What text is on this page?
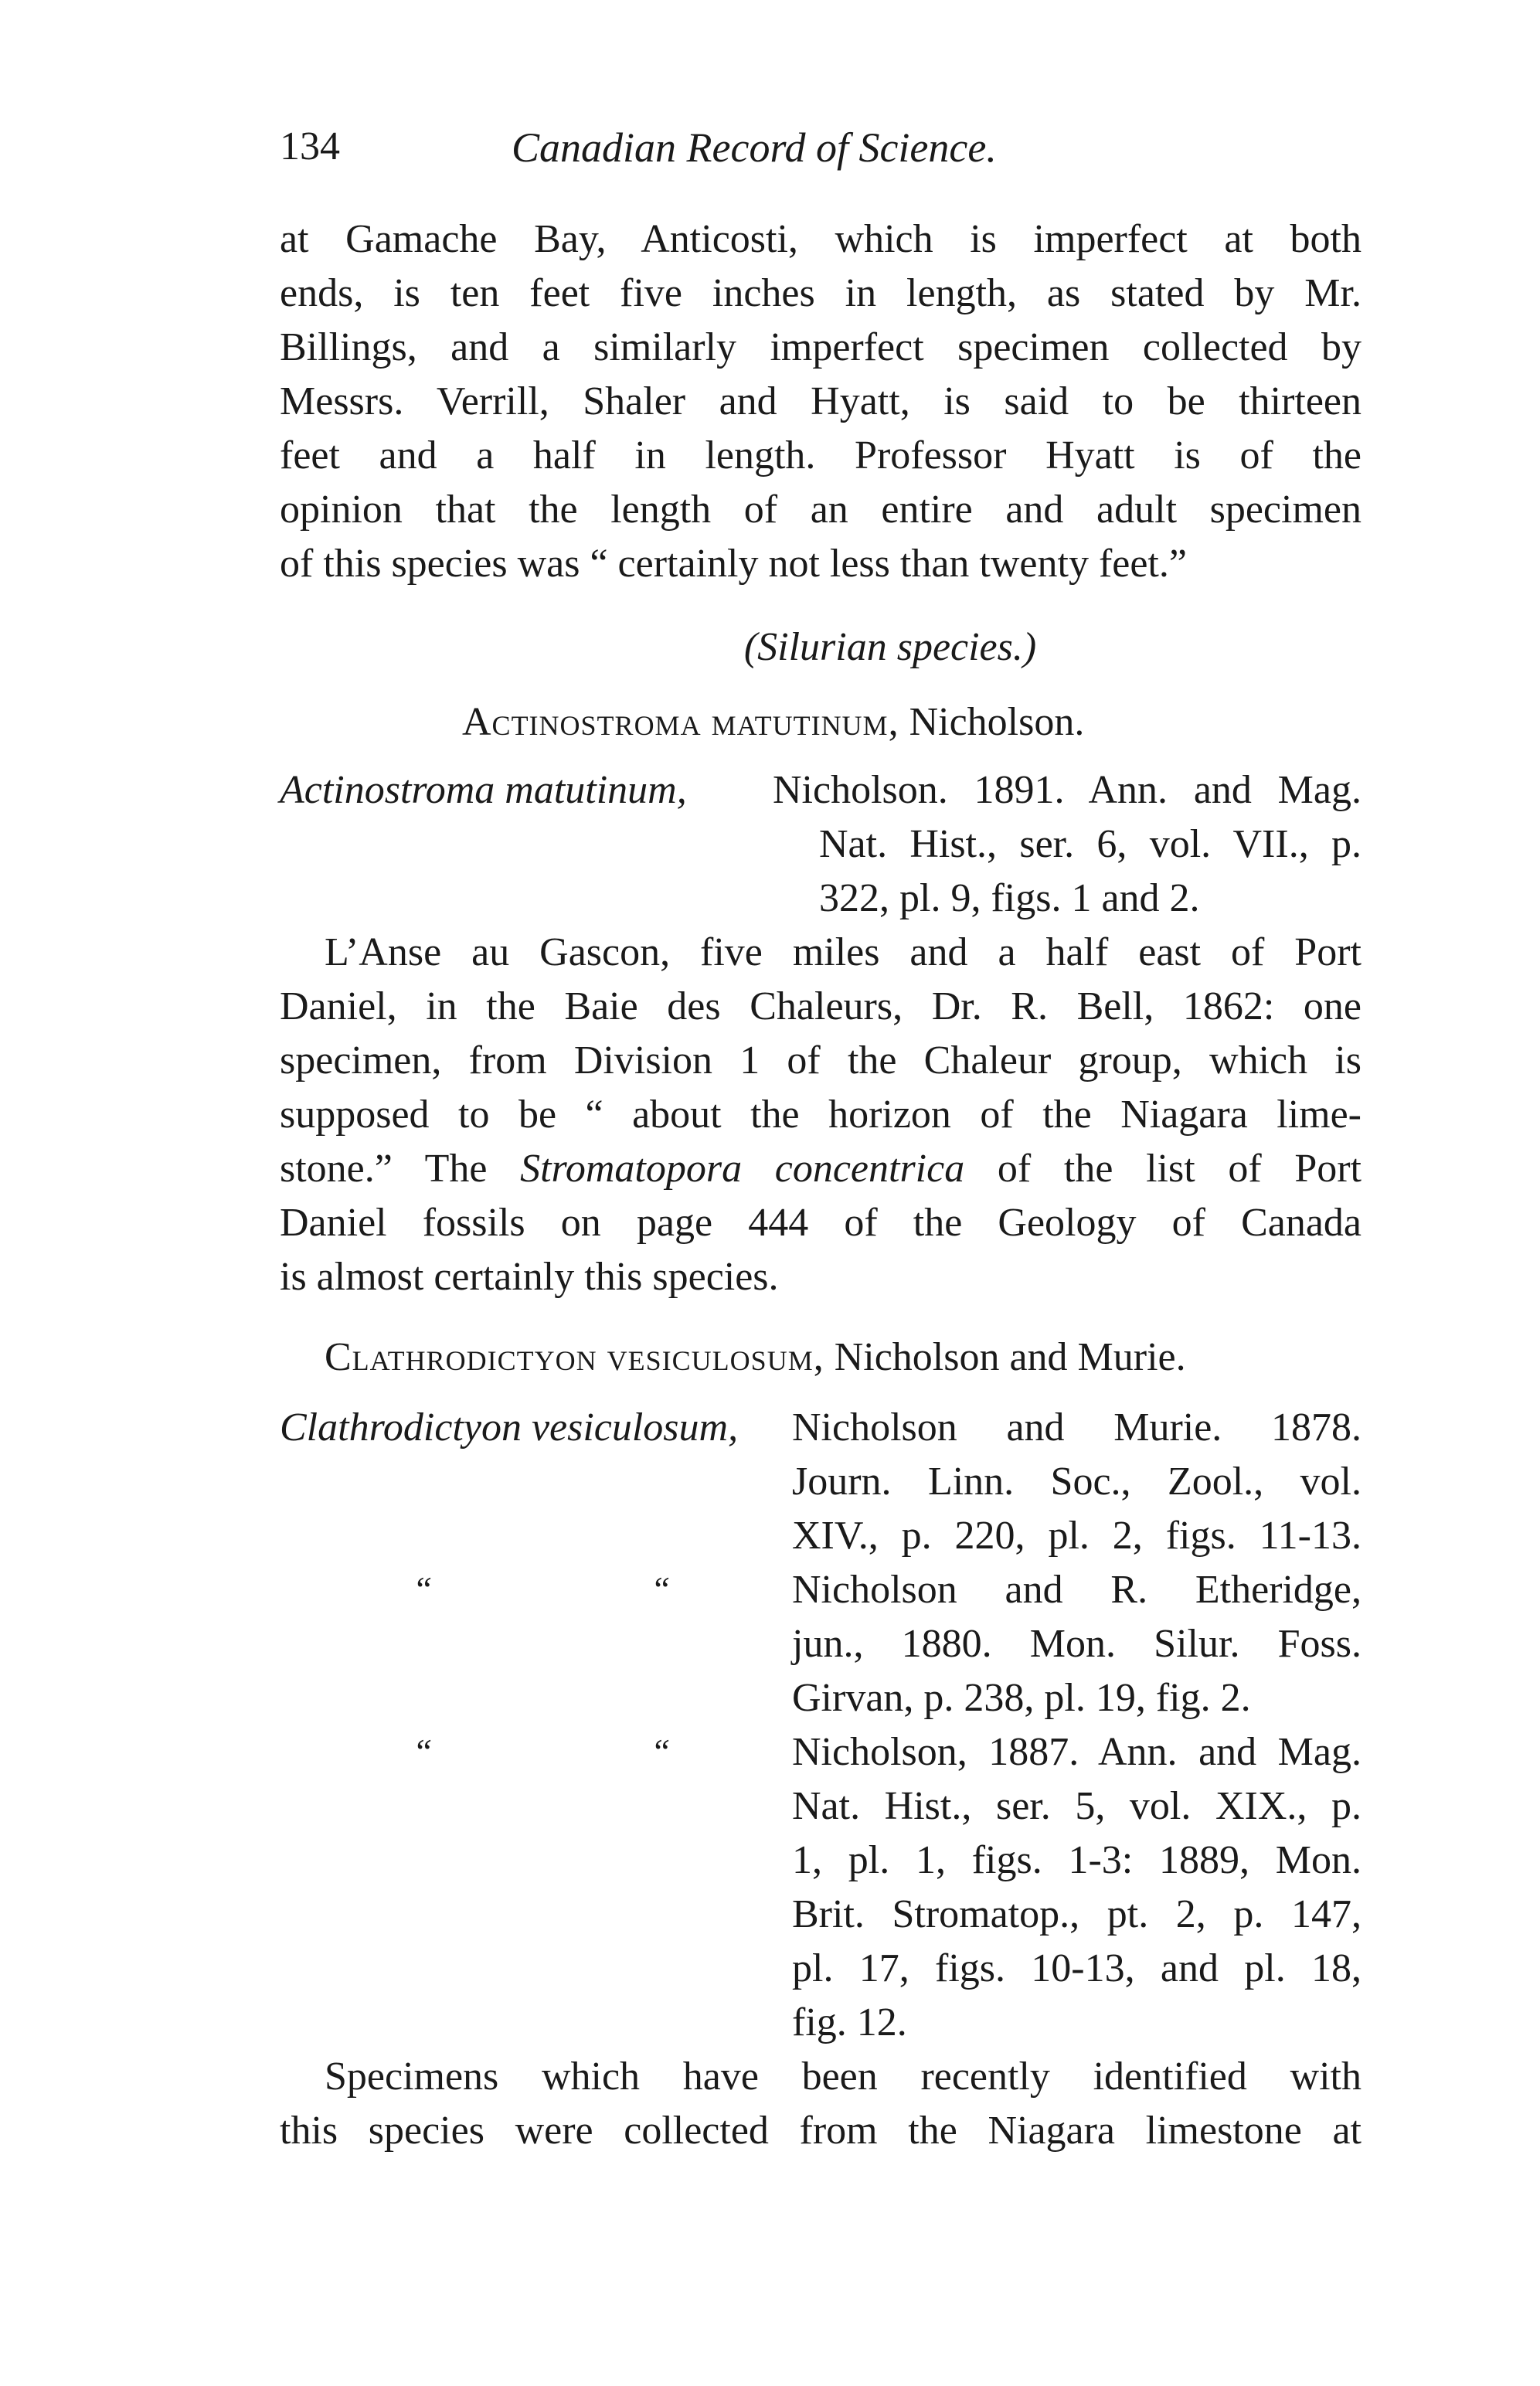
134	Canadian Record of Science.
at Gamache Bay, Anticosti, which is imperfect at both
ends, is ten feet five inches in length, as stated by Mr.
Billings, and a similarly imperfect specimen collected by
Messrs. Verrill, Shaler and Hyatt, is said to be thirteen
feet and a half in length. Professor Hyatt is of the
opinion that the length of an entire and adult specimen
of this species was “ certainly not less than twenty feet.”
(Silurian species.)
Actinostroma matutinum, Nicholson.
Actinostroma matutinum,	Nicholson. 1891. Ann. and Mag.
Nat. Hist., ser. 6, vol. VII., p.
322, pl. 9, figs. 1 and 2.
L’Anse au Gascon, five miles and a half east of Port
Daniel, in the Baie des Chaleurs, Dr. R. Bell, 1862: one
specimen, from Division 1 of the Chaleur group, which is
supposed to be “ about the horizon of the Niagara lime-
stone.” The Stromatopora concentrica of the list of Port
Daniel fossils on page 444 of the Geology of Canada
is almost certainly this species.
Clathrodictyon vesiculosum, Nicholson and Murie.
Clathrodictyon vesiculosum,	Nicholson and Murie. 1878.
Journ. Linn. Soc., Zool., vol.
XIV., p. 220, pl. 2, figs. 11-13.
“	“	Nicholson and R. Etheridge,
jun., 1880. Mon. Silur. Foss.
Girvan, p. 238, pl. 19, fig. 2.
“	“	Nicholson, 1887. Ann. and Mag.
Nat. Hist., ser. 5, vol. XIX., p.
1, pl. 1, figs. 1-3: 1889, Mon.
Brit. Stromatop., pt. 2, p. 147,
pl. 17, figs. 10-13, and pl. 18,
fig. 12.
Specimens which have been recently identified with
this species were collected from the Niagara limestone at
